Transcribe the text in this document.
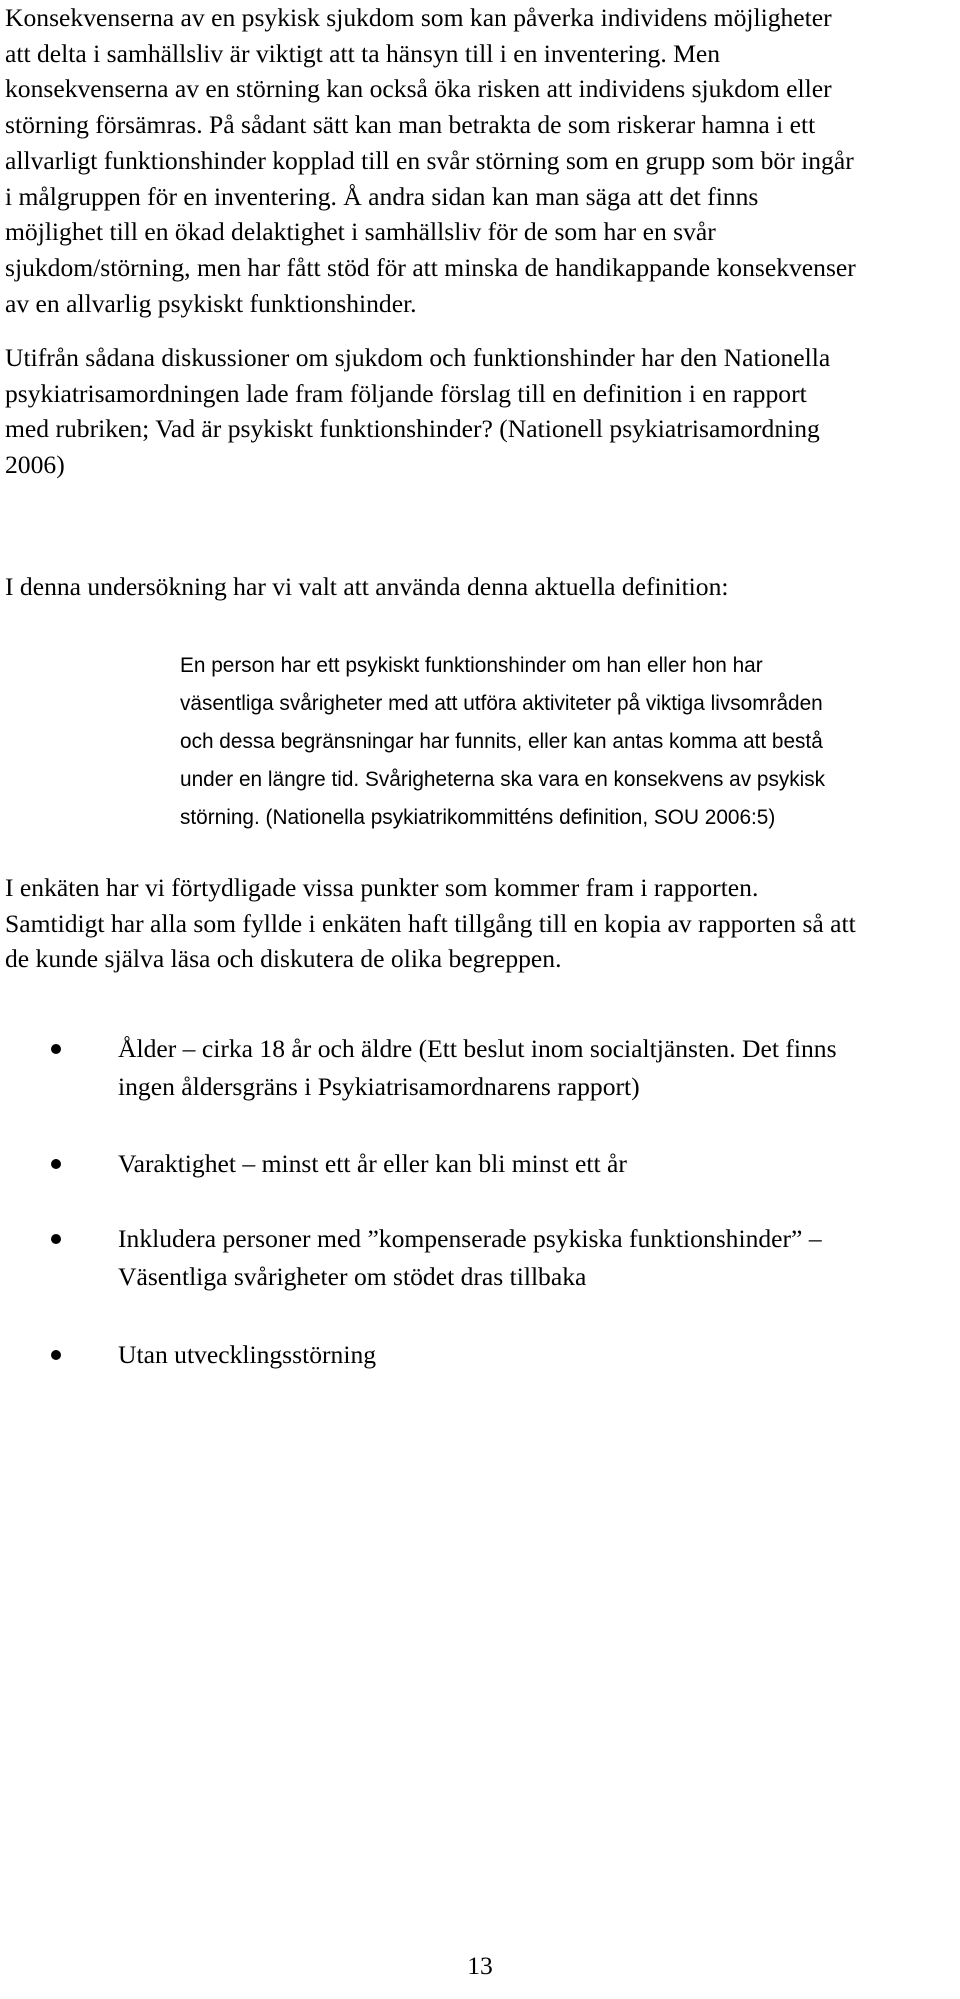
Konsekvenserna av en psykisk sjukdom som kan påverka individens möjligheter
att delta i samhällsliv är viktigt att ta hänsyn till i en inventering. Men
konsekvenserna av en störning kan också öka risken att individens sjukdom eller
störning försämras. På sådant sätt kan man betrakta de som riskerar hamna i ett
allvarligt funktionshinder kopplad till en svår störning som en grupp som bör ingår
i målgruppen för en inventering. Å andra sidan kan man säga att det finns
möjlighet till en ökad delaktighet i samhällsliv för de som har en svår
sjukdom/störning, men har fått stöd för att minska de handikappande konsekvenser
av en allvarlig psykiskt funktionshinder.

Utifrån sådana diskussioner om sjukdom och funktionshinder har den Nationella
psykiatrisamordningen lade fram följande förslag till en definition i en rapport
med rubriken; Vad är psykiskt funktionshinder? (Nationell psykiatrisamordning
2006)

I denna undersökning har vi valt att använda denna aktuella definition:

En person har ett psykiskt funktionshinder om han eller hon har
väsentliga svårigheter med att utföra aktiviteter på viktiga livsområden
och dessa begränsningar har funnits, eller kan antas komma att bestå
under en längre tid. Svårigheterna ska vara en konsekvens av psykisk
störning. (Nationella psykiatrikommitténs definition, SOU 2006:5)

I enkäten har vi förtydligade vissa punkter som kommer fram i rapporten.
Samtidigt har alla som fyllde i enkäten haft tillgång till en kopia av rapporten så att
de kunde själva läsa och diskutera de olika begreppen.

Ålder – cirka 18 år och äldre (Ett beslut inom socialtjänsten. Det finns
ingen åldersgräns i Psykiatrisamordnarens rapport)
Varaktighet – minst ett år eller kan bli minst ett år
Inkludera personer med ”kompenserade psykiska funktionshinder” –
Väsentliga svårigheter om stödet dras tillbaka
Utan utvecklingsstörning
13
